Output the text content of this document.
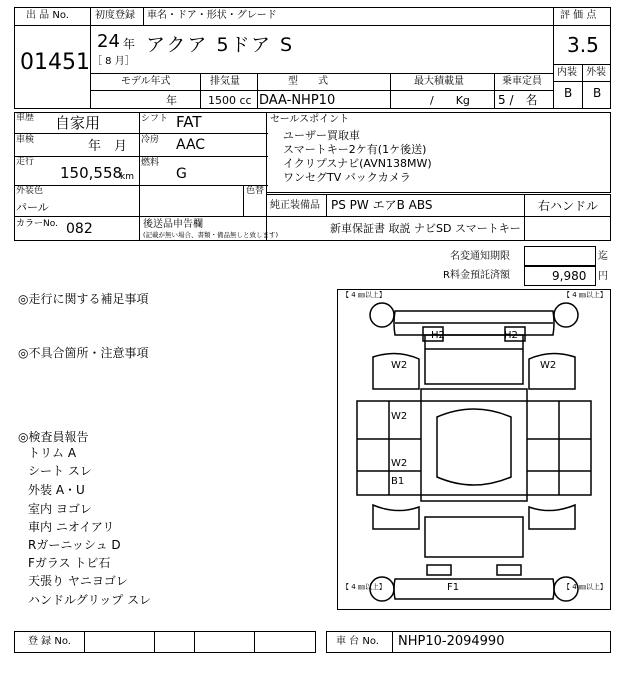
出 品 No.
01451
初度登録
24 年
［ 8 月］
車名・ドア・形状・グレード
アクア 5ドア S
モデル年式
年
排気量
1500 cc
型　　式
DAA-NHP10
最大積載量
/　　Kg
乗車定員
5 /　名
評 価 点
3.5
内装 外装
B B
車歴 自家用
車検	年　月
走行
150,558
km
シフト FAT
冷房 AAC
燃料
G
外装色
パール
色替
カラーNo. 082	後送品申告欄
(記載が無い場合、書類・備品無しと致します)
セールスポイント
ユーザー買取車
スマートキー2ケ有(1ケ後送)
イクリプスナビ(AVN138MW)
ワンセグTV バックカメラ
純正装備品 PS PW エアB ABS	右ハンドル
新車保証書 取説 ナビSD スマートキー
名変通知期限	迄
R料金預託済額	9,980 円
◎走行に関する補足事項
◎不具合箇所・注意事項
◎検査員報告
トリム A
シート スレ
外装 A・U
室内 ヨゴレ
車内 ニオイアリ
Rガーニッシュ D
Fガラス トビ石
天張り ヤニヨゴレ
ハンドルグリップ スレ
【 4 ㎜以上】	【 4 ㎜以上】
【 4 ㎜以上】	【 4 ㎜以上】
H2	H2
W2	W2
W2
W2
B1
F1
登 録 No.	車 台 No. NHP10-2094990
